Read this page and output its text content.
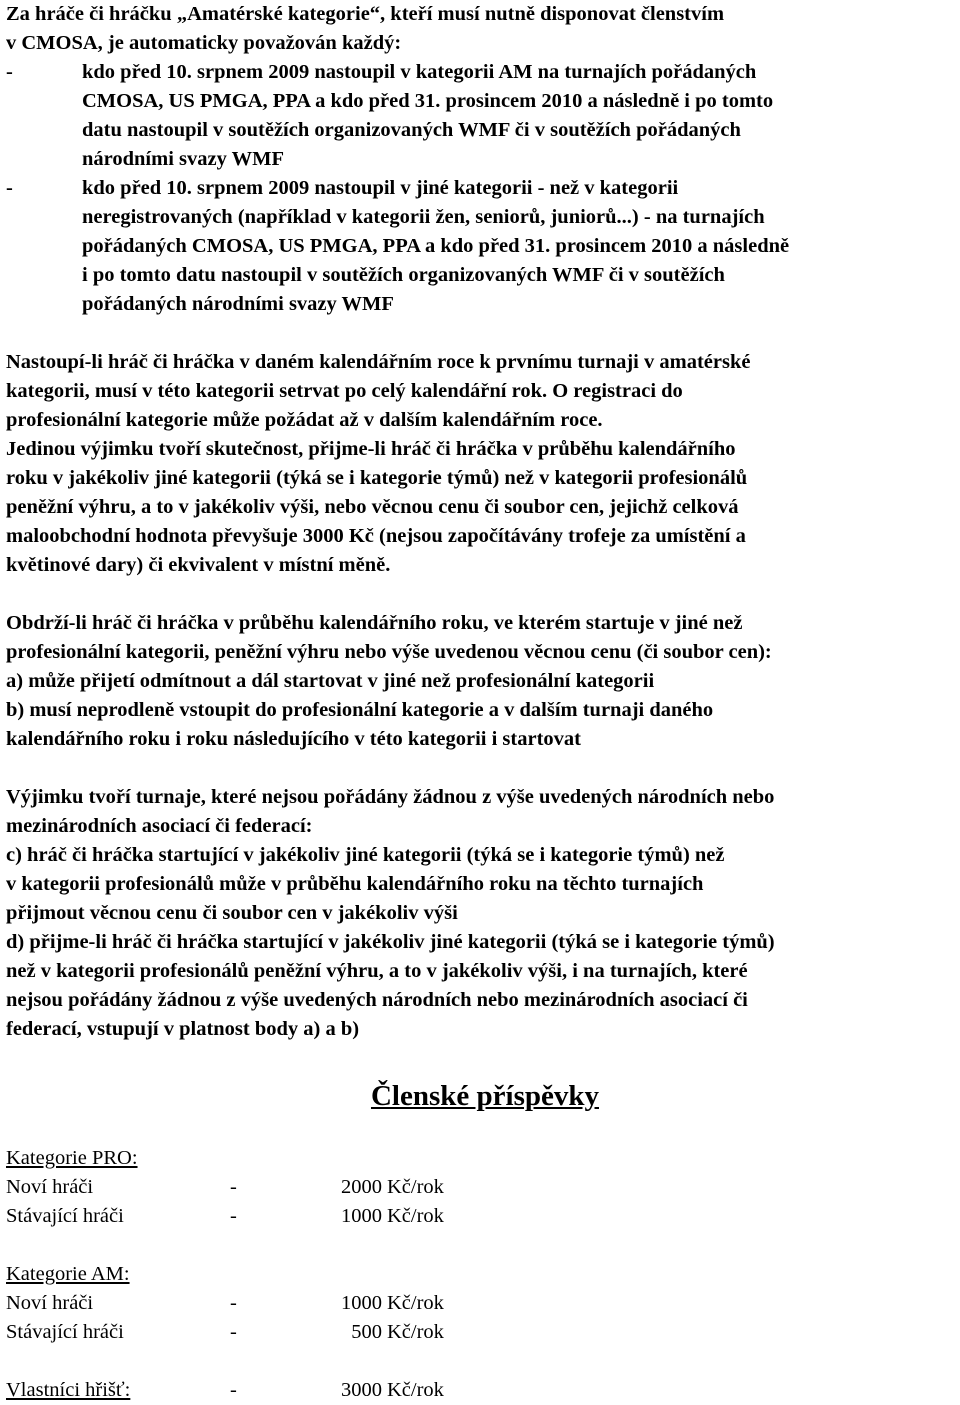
Za hráče či hráčku „Amatérské kategorie“, kteří musí nutně disponovat členstvím
v CMOSA, je automaticky považován každý:
-	kdo před 10. srpnem 2009 nastoupil v kategorii AM na turnajích pořádaných
CMOSA, US PMGA, PPA a kdo před 31. prosincem 2010 a následně i po tomto
datu nastoupil v soutěžích organizovaných WMF či v soutěžích pořádaných
národními svazy WMF
-	kdo před 10. srpnem 2009 nastoupil v jiné kategorii - než v kategorii
neregistrovaných (například v kategorii žen, seniorů, juniorů...) - na turnajích
pořádaných CMOSA, US PMGA, PPA a kdo před 31. prosincem 2010 a následně
i po tomto datu nastoupil v soutěžích organizovaných WMF či v soutěžích
pořádaných národními svazy WMF
Nastoupí-li hráč či hráčka v daném kalendářním roce k prvnímu turnaji v amatérské
kategorii, musí v této kategorii setrvat po celý kalendářní rok. O registraci do
profesionální kategorie může požádat až v dalším kalendářním roce.
Jedinou výjimku tvoří skutečnost, přijme-li hráč či hráčka v průběhu kalendářního
roku v jakékoliv jiné kategorii (týká se i kategorie týmů) než v kategorii profesionálů
peněžní výhru, a to v jakékoliv výši, nebo věcnou cenu či soubor cen, jejichž celková
maloobchodní hodnota převyšuje 3000 Kč (nejsou započítávány trofeje za umístění a
květinové dary) či ekvivalent v místní měně.
Obdrží-li hráč či hráčka v průběhu kalendářního roku, ve kterém startuje v jiné než
profesionální kategorii, peněžní výhru nebo výše uvedenou věcnou cenu (či soubor cen):
a) může přijetí odmítnout a dál startovat v jiné než profesionální kategorii
b) musí neprodleně vstoupit do profesionální kategorie a v dalším turnaji daného
kalendářního roku i roku následujícího v této kategorii i startovat
Výjimku tvoří turnaje, které nejsou pořádány žádnou z výše uvedených národních nebo
mezinárodních asociací či federací:
c) hráč či hráčka startující v jakékoliv jiné kategorii (týká se i kategorie týmů) než
v kategorii profesionálů může v průběhu kalendářního roku na těchto turnajích
přijmout věcnou cenu či soubor cen v jakékoliv výši
d) přijme-li hráč či hráčka startující v jakékoliv jiné kategorii (týká se i kategorie týmů)
než v kategorii profesionálů peněžní výhru, a to v jakékoliv výši, i na turnajích, které
nejsou pořádány žádnou z výše uvedených národních nebo mezinárodních asociací či
federací, vstupují v platnost body a) a b)
Členské příspěvky
Kategorie PRO:
Noví hráči	-	2000 Kč/rok
Stávající hráči	-	1000 Kč/rok
Kategorie AM:
Noví hráči	-	1000 Kč/rok
Stávající hráči	-	500 Kč/rok
Vlastníci hřišť:	-	3000 Kč/rok
